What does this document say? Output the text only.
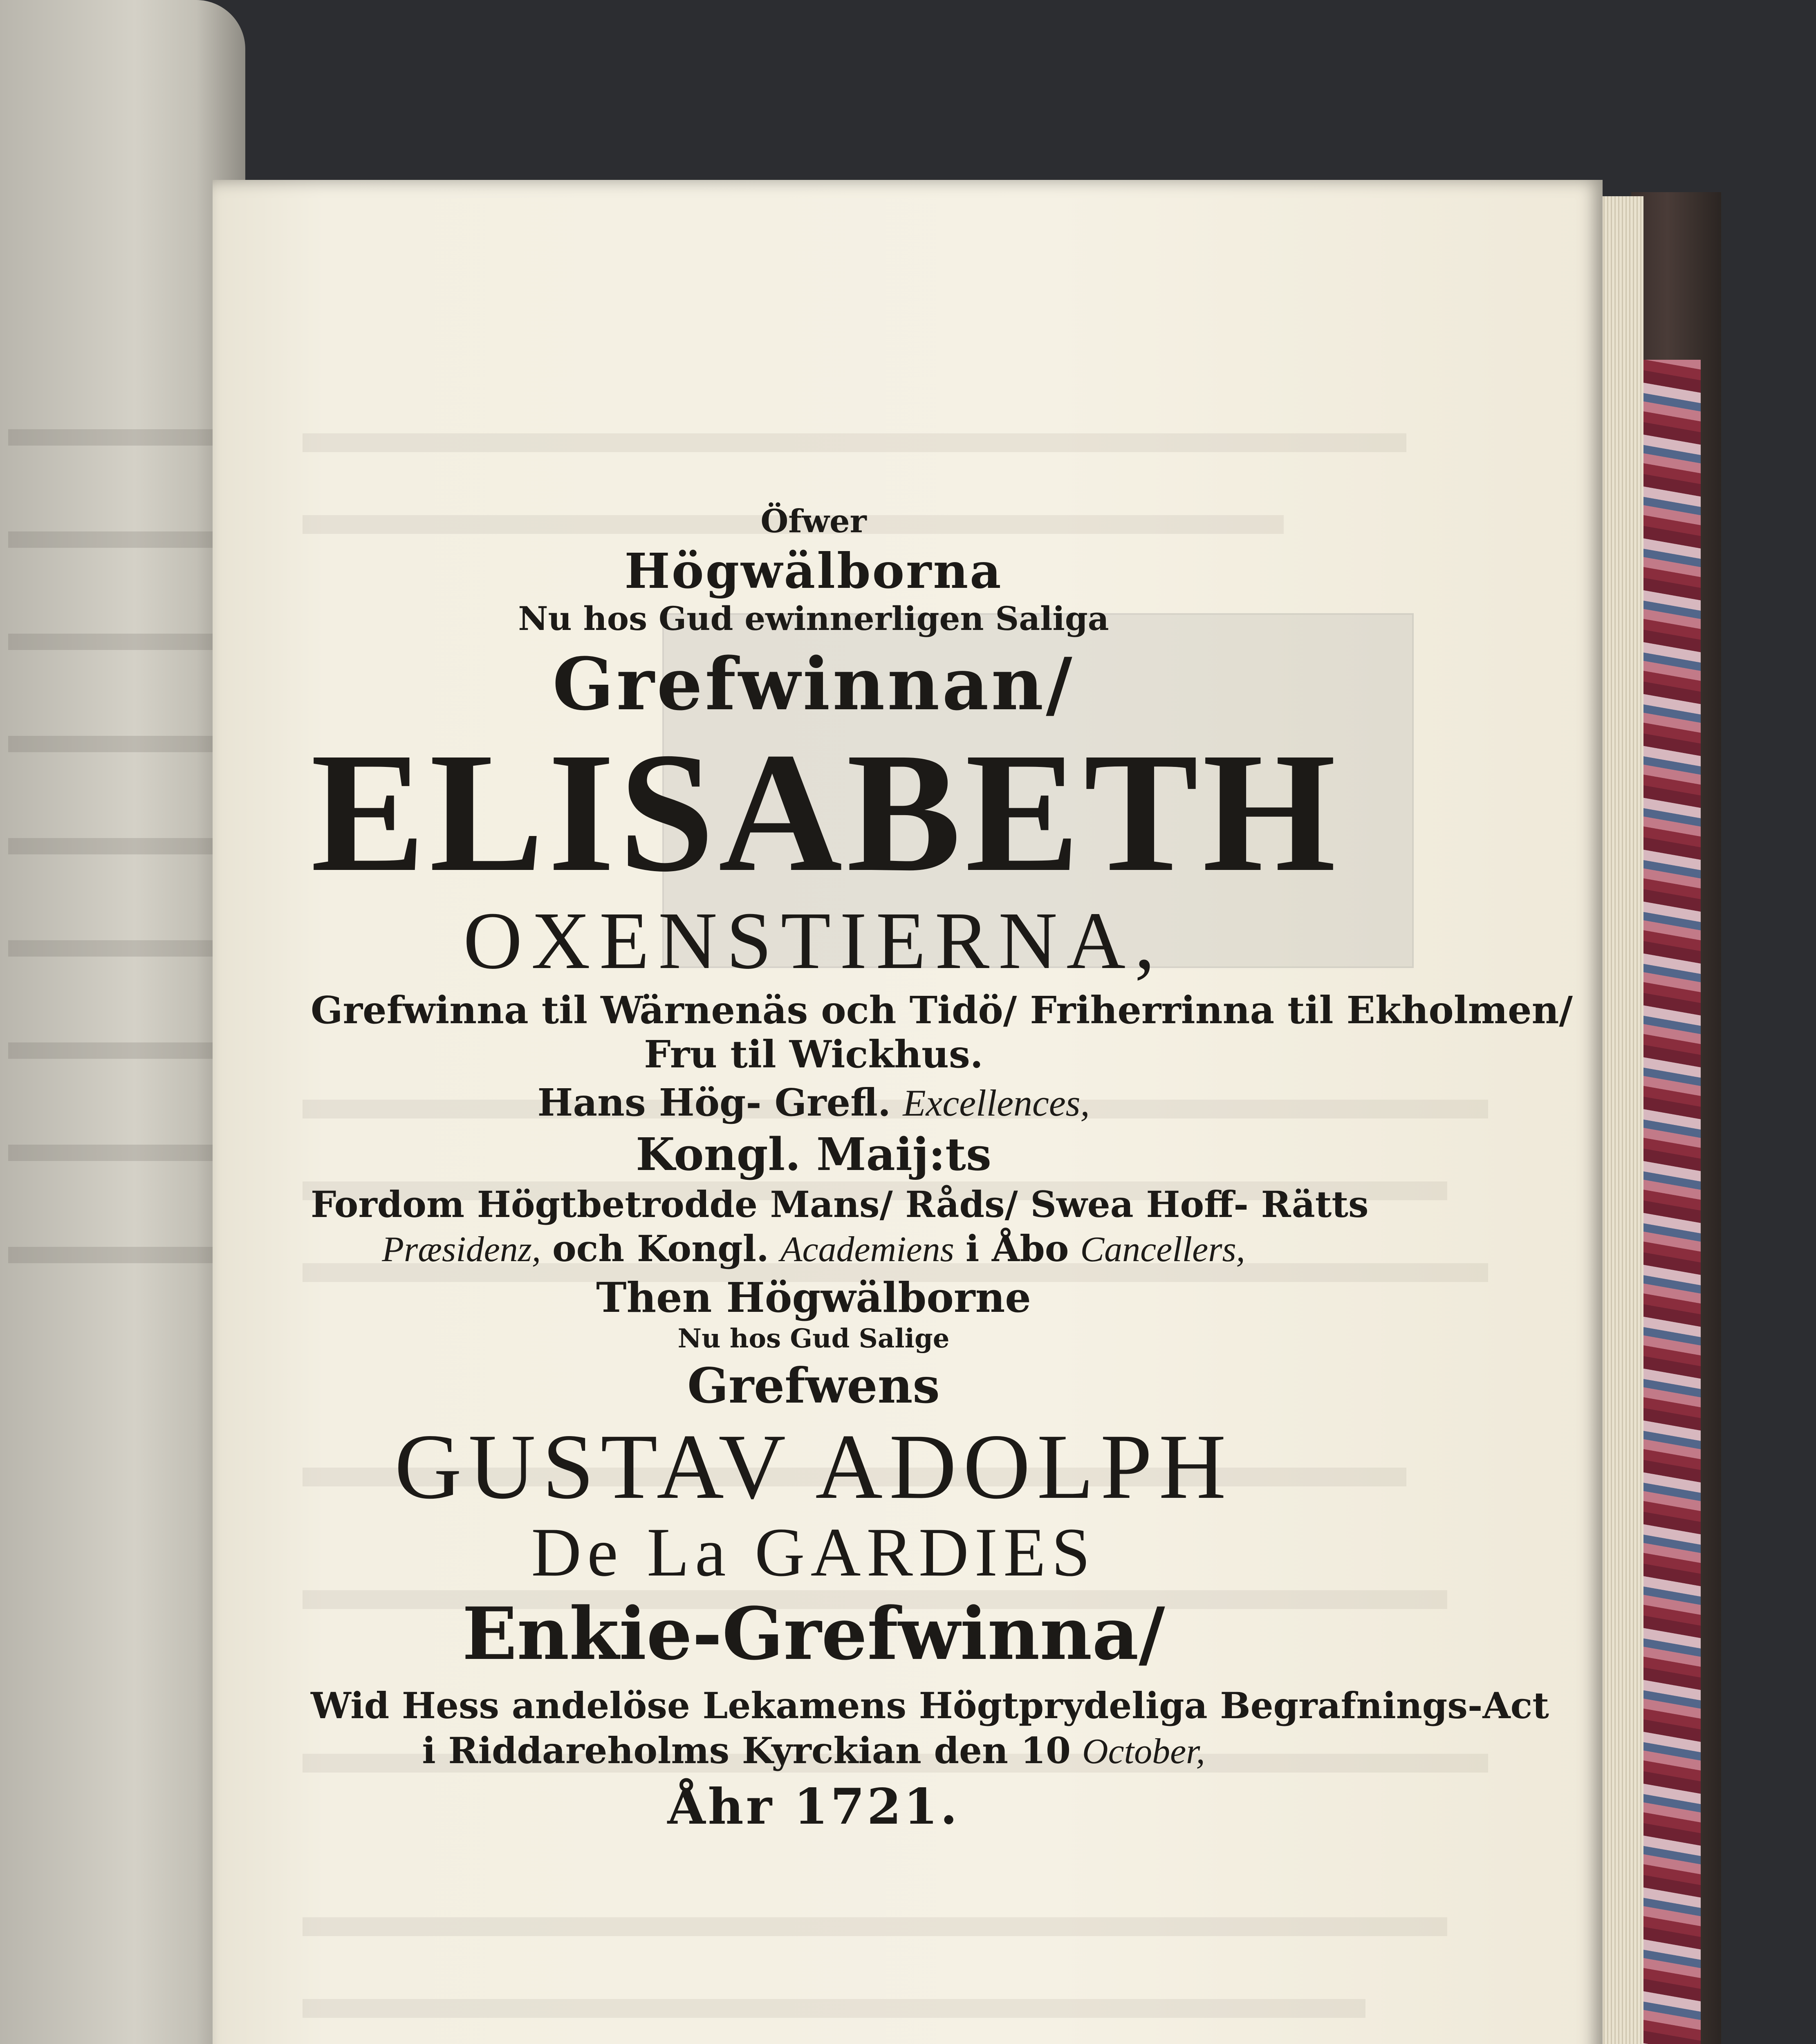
Öfwer
Högwälborna
Nu hos Gud ewinnerligen Saliga
Grefwinnan/
ELISABETH
OXENSTIERNA,
Grefwinna til Wärnenäs och Tidö/ Friherrinna til Ekholmen/
Fru til Wickhus.
Hans Hög- Grefl. Excellences,
Kongl. Maij:ts
Fordom Högtbetrodde Mans/ Råds/ Swea Hoff- Rätts
Præsidenz, och Kongl. Academiens i Åbo Cancellers,
Then Högwälborne
Nu hos Gud Salige
Grefwens
GUSTAV ADOLPH
De La GARDIES
Enkie-Grefwinna/
Wid Hess andelöse Lekamens Högtprydeliga Begrafnings-Act
i Riddareholms Kyrckian den 10 October,
Åhr 1721.
